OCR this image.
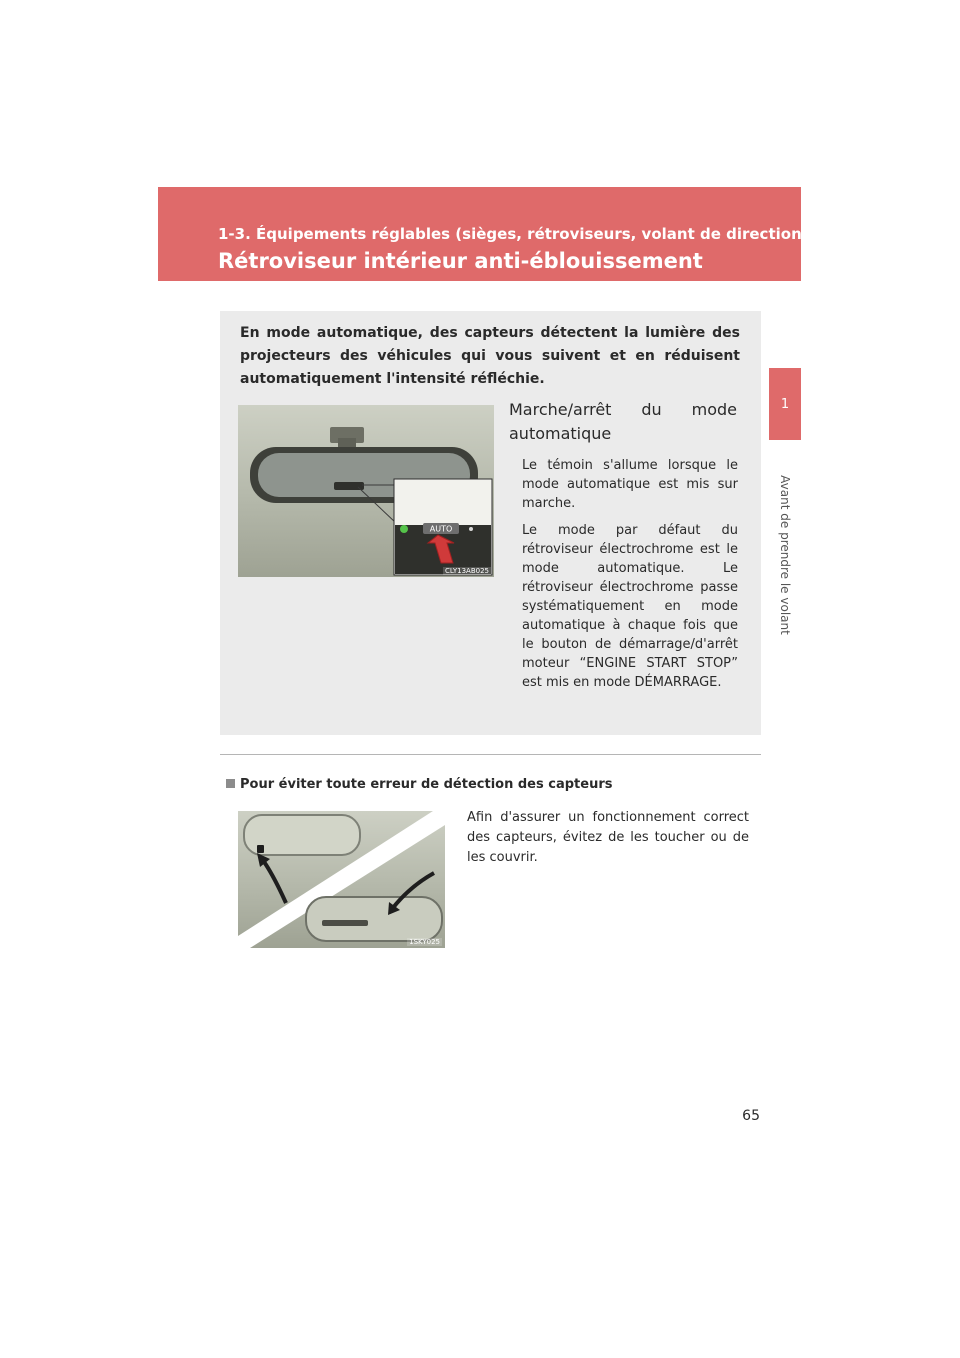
1-3. Équipements réglables (sièges, rétroviseurs, volant de direction)
Rétroviseur intérieur anti-éblouissement
1
Avant de prendre le volant

En mode automatique, des capteurs détectent la lumière des projecteurs des véhicules qui vous suivent et en réduisent automatiquement l'intensité réfléchie.

AUTO
CLY13AB025

Marche/arrêt du mode automatique

Le témoin s'allume lorsque le mode automatique est mis sur marche.

Le mode par défaut du rétroviseur électrochrome est le mode automatique. Le rétroviseur électrochrome passe systématiquement en mode automatique à chaque fois que le bouton de démarrage/d'arrêt moteur “ENGINE START STOP” est mis en mode DÉMARRAGE.

Pour éviter toute erreur de détection des capteurs
1SKY025

Afin d'assurer un fonctionnement correct des capteurs, évitez de les toucher ou de les couvrir.

65
